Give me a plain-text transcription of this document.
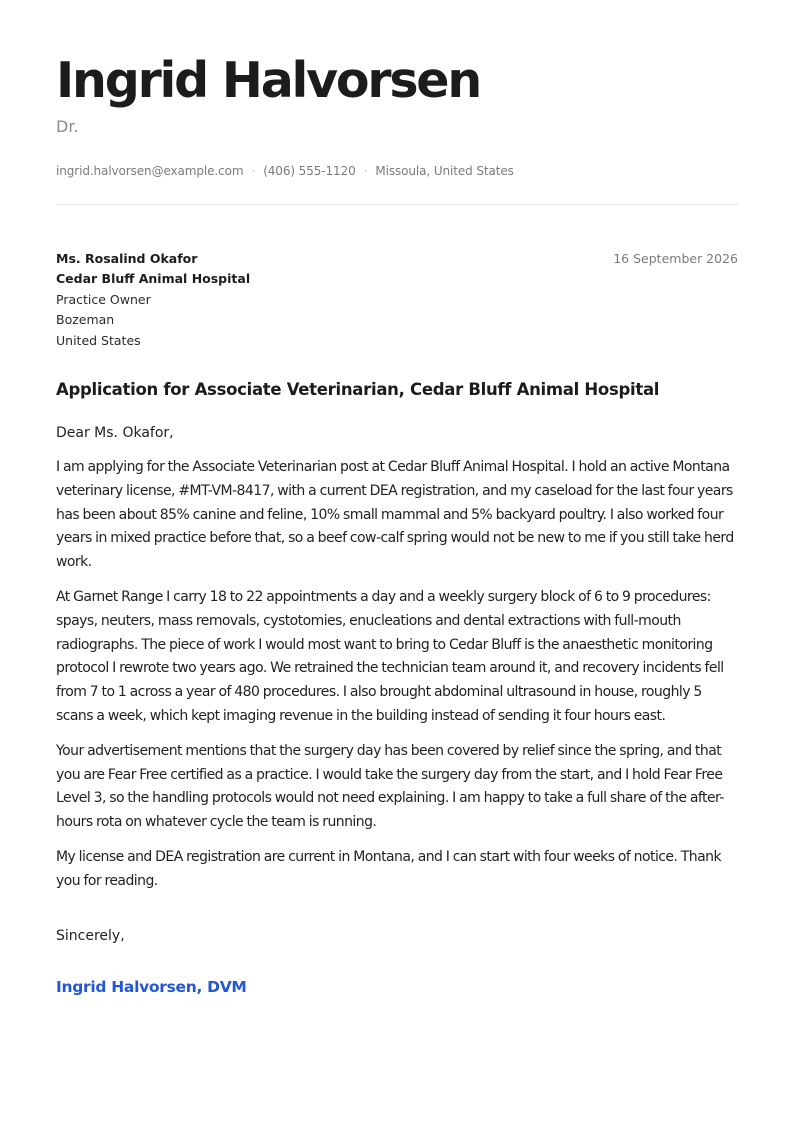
Ingrid Halvorsen
Dr.
ingrid.halvorsen@example.com · (406) 555-1120 · Missoula, United States
Ms. Rosalind Okafor
Cedar Bluff Animal Hospital
Practice Owner
Bozeman
United States
16 September 2026
Application for Associate Veterinarian, Cedar Bluff Animal Hospital
Dear Ms. Okafor,
I am applying for the Associate Veterinarian post at Cedar Bluff Animal Hospital. I hold an active Montana veterinary license, #MT-VM-8417, with a current DEA registration, and my caseload for the last four years has been about 85% canine and feline, 10% small mammal and 5% backyard poultry. I also worked four years in mixed practice before that, so a beef cow-calf spring would not be new to me if you still take herd work.
At Garnet Range I carry 18 to 22 appointments a day and a weekly surgery block of 6 to 9 procedures: spays, neuters, mass removals, cystotomies, enucleations and dental extractions with full-mouth radiographs. The piece of work I would most want to bring to Cedar Bluff is the anaesthetic monitoring protocol I rewrote two years ago. We retrained the technician team around it, and recovery incidents fell from 7 to 1 across a year of 480 procedures. I also brought abdominal ultrasound in house, roughly 5 scans a week, which kept imaging revenue in the building instead of sending it four hours east.
Your advertisement mentions that the surgery day has been covered by relief since the spring, and that you are Fear Free certified as a practice. I would take the surgery day from the start, and I hold Fear Free Level 3, so the handling protocols would not need explaining. I am happy to take a full share of the after-hours rota on whatever cycle the team is running.
My license and DEA registration are current in Montana, and I can start with four weeks of notice. Thank you for reading.
Sincerely,
Ingrid Halvorsen, DVM
